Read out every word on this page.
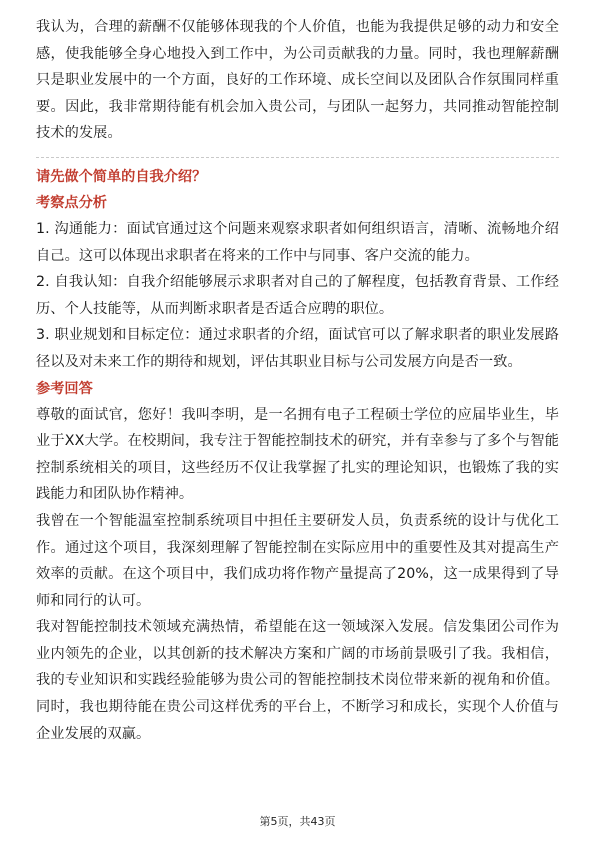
我认为，合理的薪酬不仅能够体现我的个人价值，也能为我提供足够的动力和安全感，使我能够全身心地投入到工作中，为公司贡献我的力量。同时，我也理解薪酬只是职业发展中的一个方面，良好的工作环境、成长空间以及团队合作氛围同样重要。因此，我非常期待能有机会加入贵公司，与团队一起努力，共同推动智能控制技术的发展。

请先做个简单的自我介绍？

考察点分析

1. 沟通能力：面试官通过这个问题来观察求职者如何组织语言，清晰、流畅地介绍自己。这可以体现出求职者在将来的工作中与同事、客户交流的能力。

2. 自我认知：自我介绍能够展示求职者对自己的了解程度，包括教育背景、工作经历、个人技能等，从而判断求职者是否适合应聘的职位。

3. 职业规划和目标定位：通过求职者的介绍，面试官可以了解求职者的职业发展路径以及对未来工作的期待和规划，评估其职业目标与公司发展方向是否一致。

参考回答

尊敬的面试官，您好！我叫李明，是一名拥有电子工程硕士学位的应届毕业生，毕业于XX大学。在校期间，我专注于智能控制技术的研究，并有幸参与了多个与智能控制系统相关的项目，这些经历不仅让我掌握了扎实的理论知识，也锻炼了我的实践能力和团队协作精神。

我曾在一个智能温室控制系统项目中担任主要研发人员，负责系统的设计与优化工作。通过这个项目，我深刻理解了智能控制在实际应用中的重要性及其对提高生产效率的贡献。在这个项目中，我们成功将作物产量提高了20%，这一成果得到了导师和同行的认可。

我对智能控制技术领域充满热情，希望能在这一领域深入发展。信发集团公司作为业内领先的企业，以其创新的技术解决方案和广阔的市场前景吸引了我。我相信，我的专业知识和实践经验能够为贵公司的智能控制技术岗位带来新的视角和价值。同时，我也期待能在贵公司这样优秀的平台上，不断学习和成长，实现个人价值与企业发展的双赢。

第5页，共43页
